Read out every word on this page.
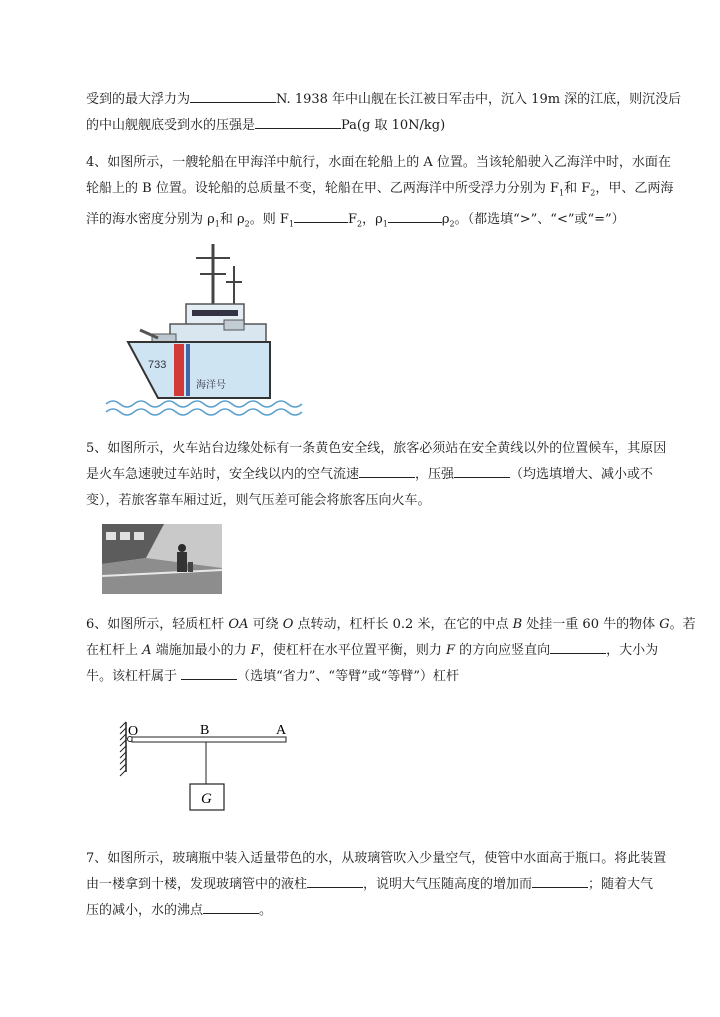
受到的最大浮力为	N. 1938 年中山舰在长江被日军击中，沉入 19m 深的江底，则沉没后
的中山舰舰底受到水的压强是	Pa(g 取 10N/kg)
4、如图所示，一艘轮船在甲海洋中航行，水面在轮船上的 A 位置。当该轮船驶入乙海洋中时，水面在
轮船上的 B 位置。设轮船的总质量不变，轮船在甲、乙两海洋中所受浮力分别为 $F_1$和 $F_2$，甲、乙两海
洋的海水密度分别为 $\rho_1$和 $\rho_2$。则 $F_1$	$F_2$，$\rho_1$	$\rho_2$。（都选填“>”、“<”或“=”）
733
海洋号
5、如图所示，火车站台边缘处标有一条黄色安全线，旅客必须站在安全黄线以外的位置候车，其原因
是火车急速驶过车站时，安全线以内的空气流速	，压强	（均选填增大、减小或不
变），若旅客靠车厢过近，则气压差可能会将旅客压向火车。
6、如图所示，轻质杠杆 OA 可绕 O 点转动，杠杆长 0.2 米，在它的中点 B 处挂一重 60 牛的物体 G。若
在杠杆上 A 端施加最小的力 F，使杠杆在水平位置平衡，则力 F 的方向应竖直向	，大小为
牛。该杠杆属于	（选填“省力”、“等臂”或“等臂”）杠杆
O	B	A
G
7、如图所示，玻璃瓶中装入适量带色的水，从玻璃管吹入少量空气，使管中水面高于瓶口。将此装置
由一楼拿到十楼，发现玻璃管中的液柱	，说明大气压随高度的增加而	；随着大气
压的减小，水的沸点	。
